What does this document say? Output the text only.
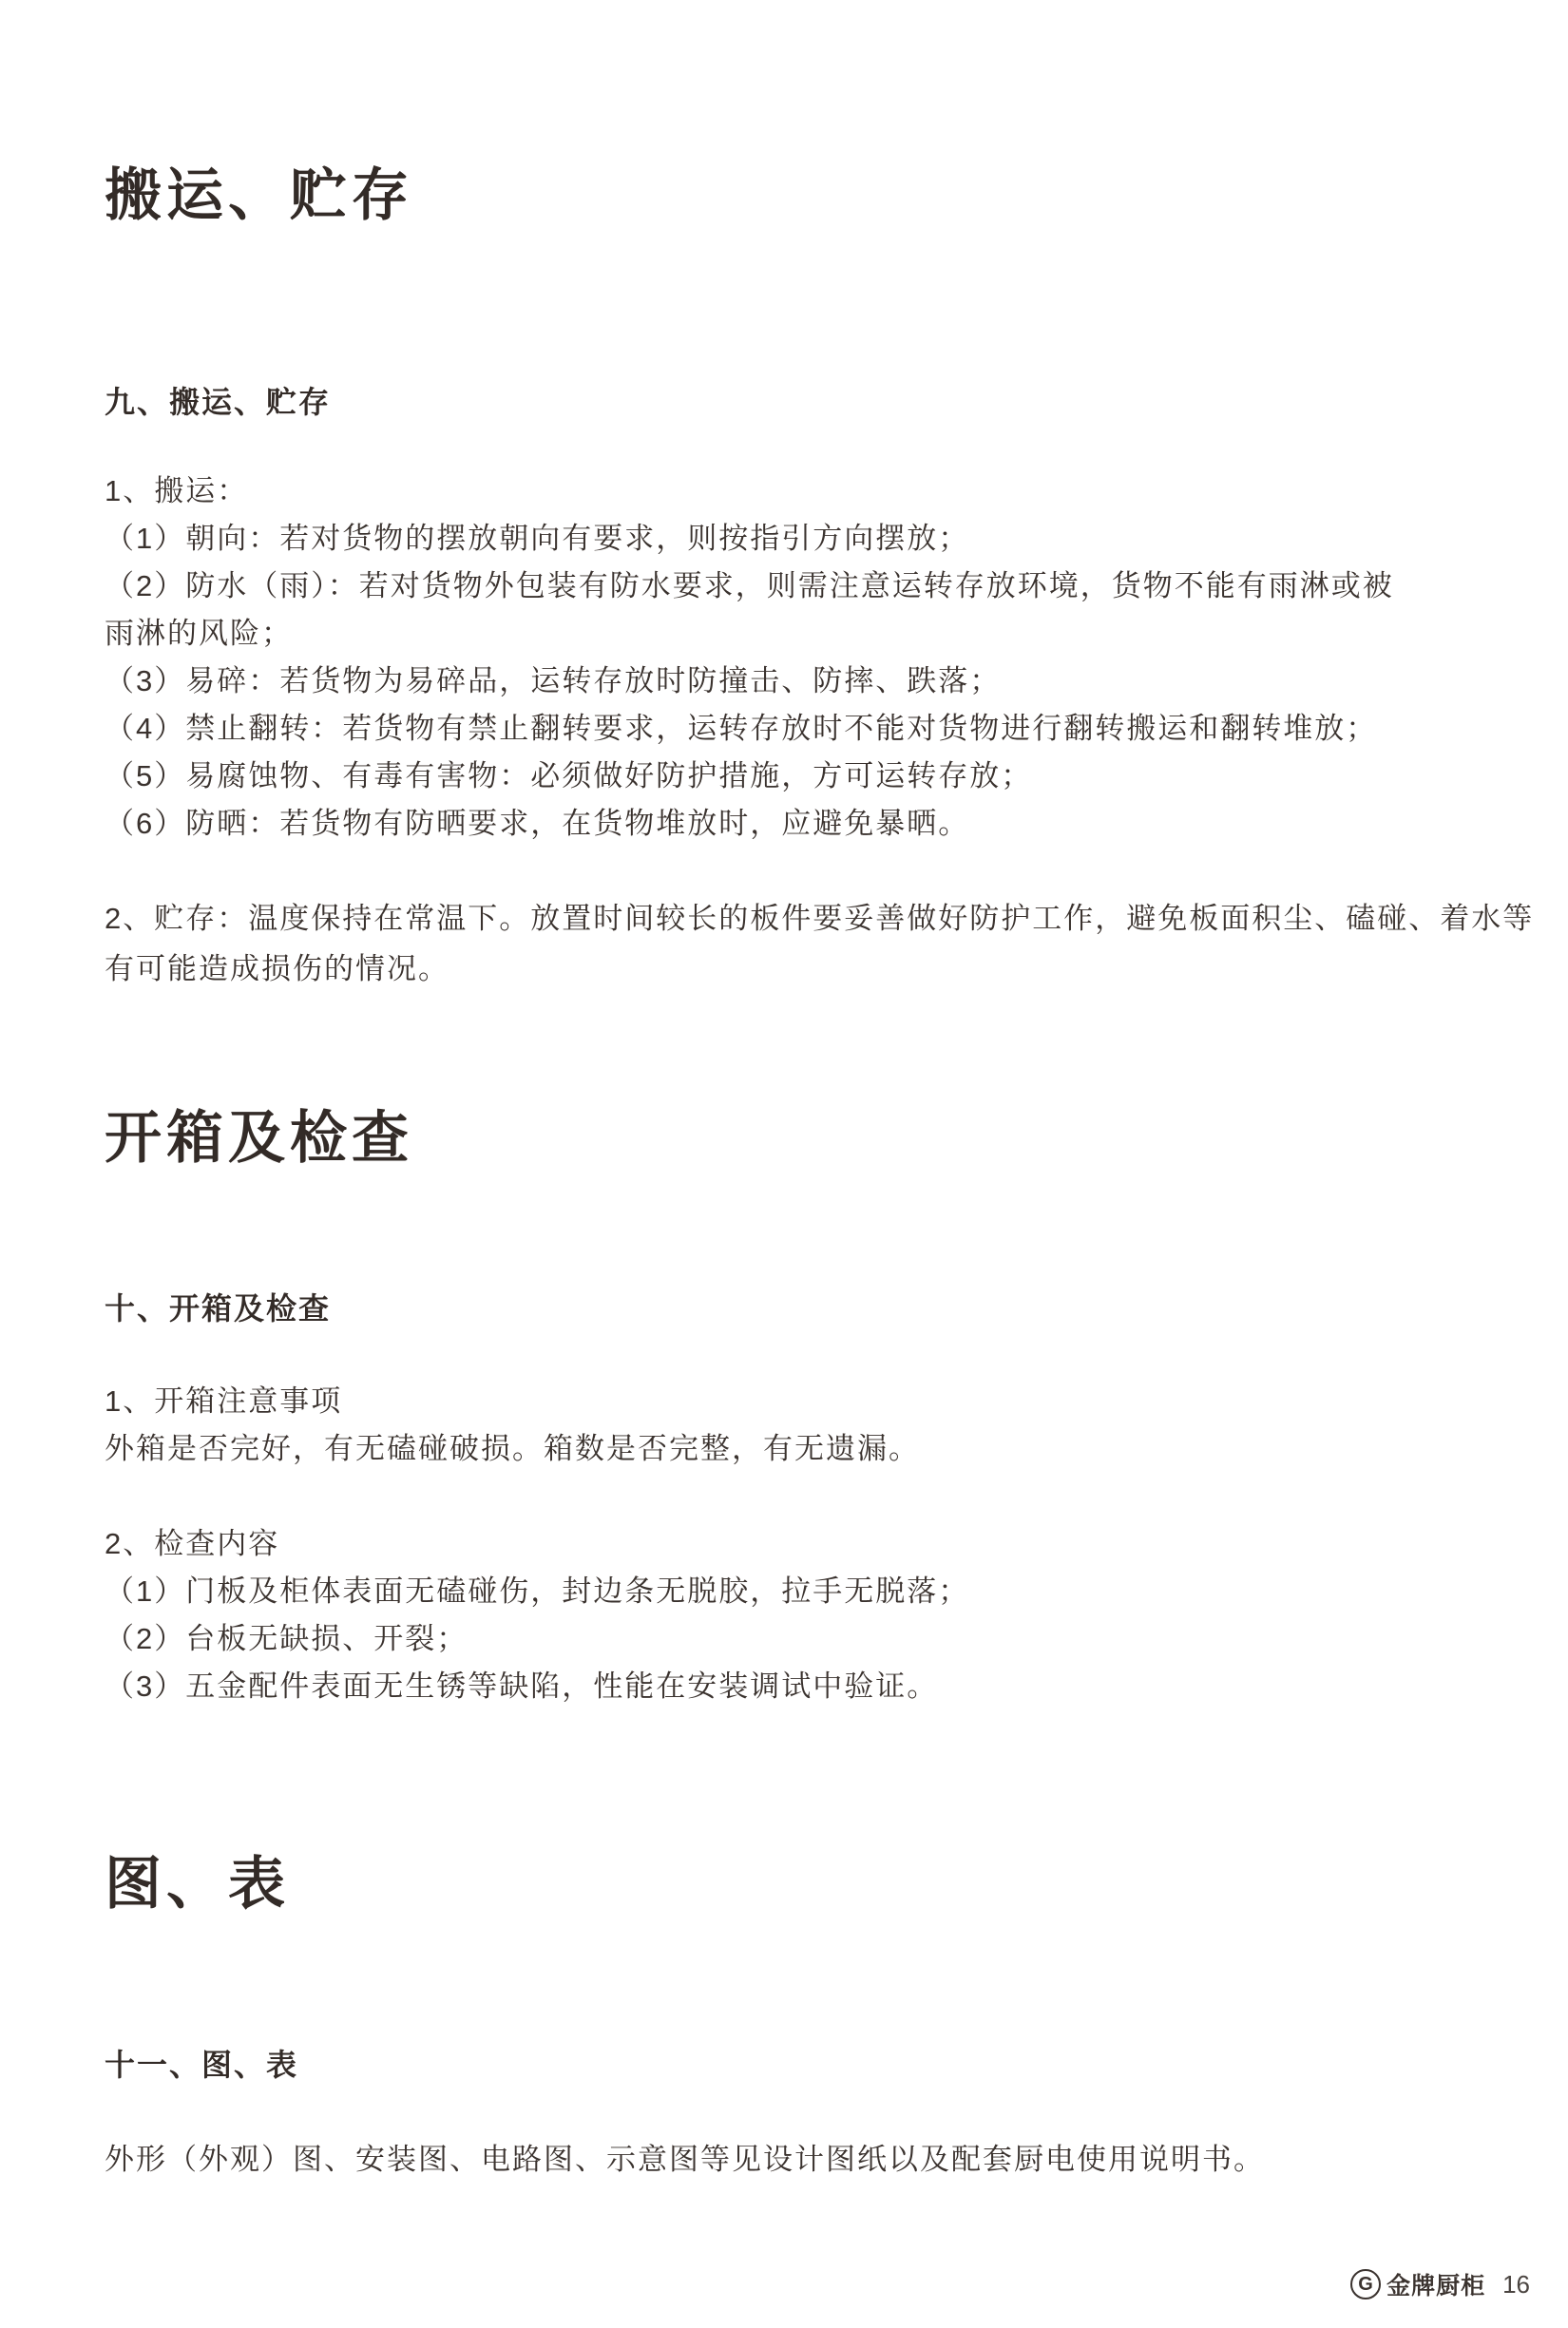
搬运、贮存
九、搬运、贮存
1、搬运：

（1）朝向：若对货物的摆放朝向有要求，则按指引方向摆放；

（2）防水（雨）：若对货物外包装有防水要求，则需注意运转存放环境，货物不能有雨淋或被

雨淋的风险；

（3）易碎：若货物为易碎品，运转存放时防撞击、防摔、跌落；

（4）禁止翻转：若货物有禁止翻转要求，运转存放时不能对货物进行翻转搬运和翻转堆放；

（5）易腐蚀物、有毒有害物：必须做好防护措施，方可运转存放；

（6）防晒：若货物有防晒要求，在货物堆放时，应避免暴晒。

2、贮存：温度保持在常温下。放置时间较长的板件要妥善做好防护工作，避免板面积尘、磕碰、着水等

有可能造成损伤的情况。

开箱及检查
十、开箱及检查
1、开箱注意事项
外箱是否完好，有无磕碰破损。箱数是否完整，有无遗漏。
2、检查内容

（1）门板及柜体表面无磕碰伤，封边条无脱胶，拉手无脱落；

（2）台板无缺损、开裂；

（3）五金配件表面无生锈等缺陷，性能在安装调试中验证。

图、表
十一、图、表
外形（外观）图、安装图、电路图、示意图等见设计图纸以及配套厨电使用说明书。
G 金牌厨柜 16
